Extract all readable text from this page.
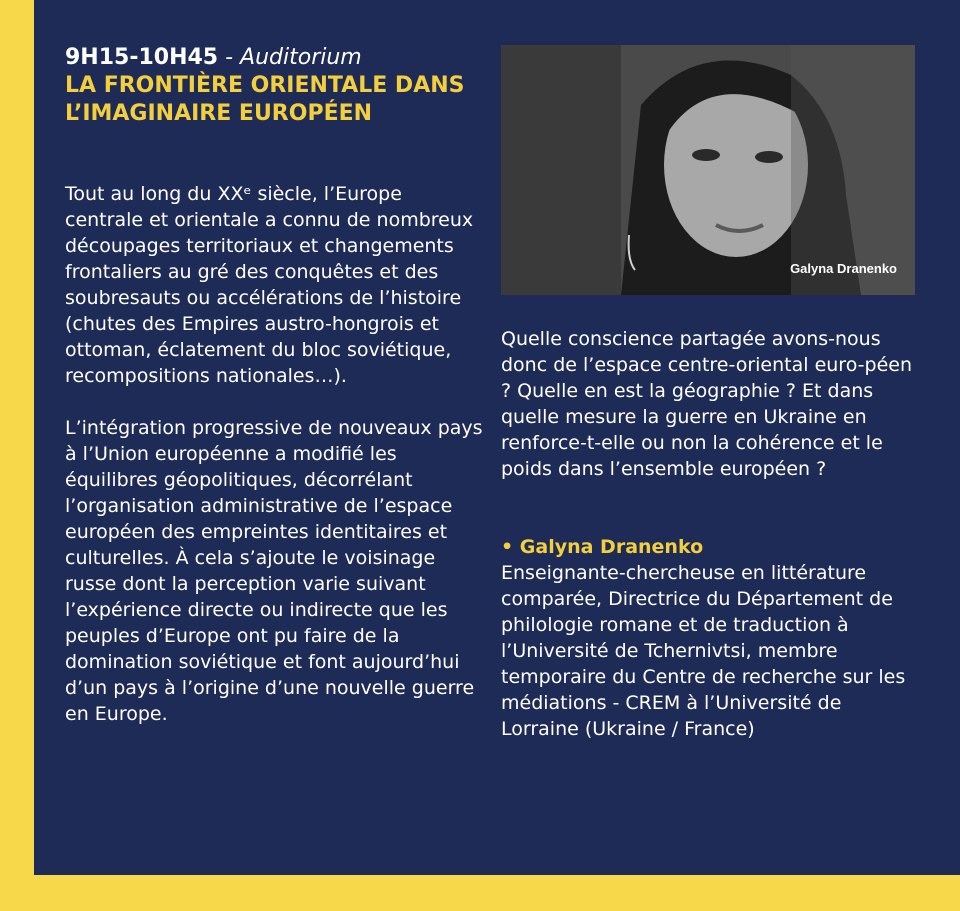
9H15-10H45 - Auditorium
LA FRONTIÈRE ORIENTALE DANS
L’IMAGINAIRE EUROPÉEN

Tout au long du XXᵉ siècle, l’Europe centrale et orientale a connu de nombreux découpages territoriaux et changements frontaliers au gré des conquêtes et des soubresauts ou accélérations de l’histoire (chutes des Empires austro-hongrois et ottoman, éclatement du bloc soviétique, recompositions nationales…).

L’intégration progressive de nouveaux pays à l’Union européenne a modifié les équilibres géopolitiques, décorrélant l’organisation administrative de l’espace européen des empreintes identitaires et culturelles. À cela s’ajoute le voisinage russe dont la perception varie suivant l’expérience directe ou indirecte que les peuples d’Europe ont pu faire de la domination soviétique et font aujourd’hui d’un pays à l’origine d’une nouvelle guerre en Europe.

Galyna Dranenko

Quelle conscience partagée avons-nous donc de l’espace centre-oriental euro-péen ? Quelle en est la géographie ? Et dans quelle mesure la guerre en Ukraine en renforce-t-elle ou non la cohérence et le poids dans l’ensemble européen ?

• Galyna Dranenko

Enseignante-chercheuse en littérature comparée, Directrice du Département de philologie romane et de traduction à l’Université de Tchernivtsi, membre temporaire du Centre de recherche sur les médiations - CREM à l’Université de Lorraine (Ukraine / France)
